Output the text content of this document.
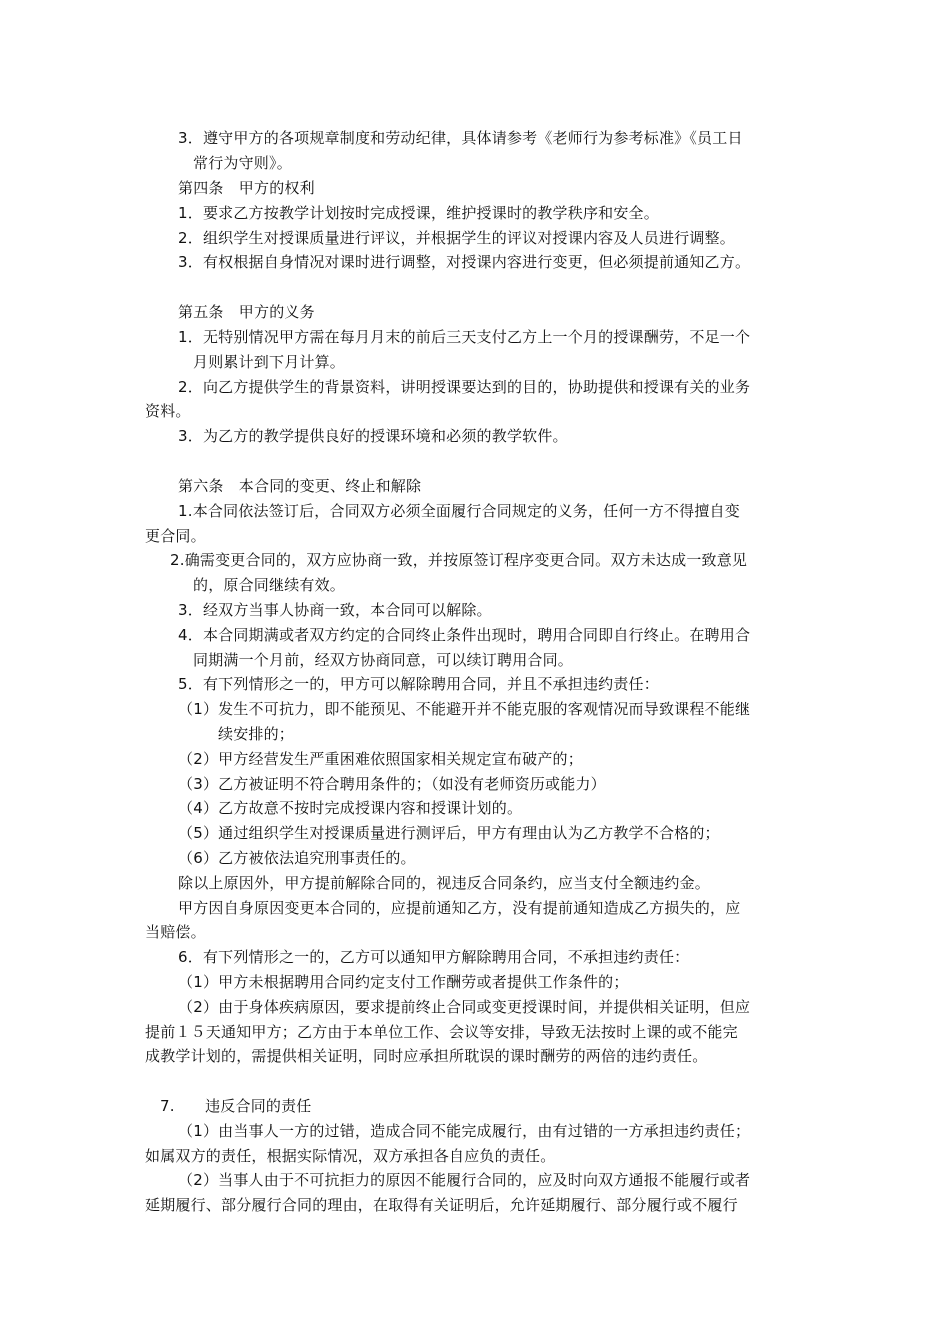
3．遵守甲方的各项规章制度和劳动纪律，具体请参考《老师行为参考标准》《员工日
常行为守则》。
第四条　甲方的权利
1．要求乙方按教学计划按时完成授课，维护授课时的教学秩序和安全。
2．组织学生对授课质量进行评议，并根据学生的评议对授课内容及人员进行调整。
3．有权根据自身情况对课时进行调整，对授课内容进行变更，但必须提前通知乙方。
第五条　甲方的义务
1．无特别情况甲方需在每月月末的前后三天支付乙方上一个月的授课酬劳，不足一个
月则累计到下月计算。
2．向乙方提供学生的背景资料，讲明授课要达到的目的，协助提供和授课有关的业务
资料。
3．为乙方的教学提供良好的授课环境和必须的教学软件。
第六条　本合同的变更、终止和解除
1.本合同依法签订后，合同双方必须全面履行合同规定的义务，任何一方不得擅自变
更合同。
2.确需变更合同的，双方应协商一致，并按原签订程序变更合同。双方未达成一致意见
的，原合同继续有效。
3．经双方当事人协商一致，本合同可以解除。
4．本合同期满或者双方约定的合同终止条件出现时，聘用合同即自行终止。在聘用合
同期满一个月前，经双方协商同意，可以续订聘用合同。
5．有下列情形之一的，甲方可以解除聘用合同，并且不承担违约责任：
（1）发生不可抗力，即不能预见、不能避开并不能克服的客观情况而导致课程不能继
续安排的；
（2）甲方经营发生严重困难依照国家相关规定宣布破产的；
（3）乙方被证明不符合聘用条件的；（如没有老师资历或能力）
（4）乙方故意不按时完成授课内容和授课计划的。
（5）通过组织学生对授课质量进行测评后，甲方有理由认为乙方教学不合格的；
（6）乙方被依法追究刑事责任的。
除以上原因外，甲方提前解除合同的，视违反合同条约，应当支付全额违约金。
甲方因自身原因变更本合同的，应提前通知乙方，没有提前通知造成乙方损失的，应
当赔偿。
6．有下列情形之一的，乙方可以通知甲方解除聘用合同，不承担违约责任：
（1）甲方未根据聘用合同约定支付工作酬劳或者提供工作条件的；
（2）由于身体疾病原因，要求提前终止合同或变更授课时间，并提供相关证明，但应
提前１５天通知甲方；乙方由于本单位工作、会议等安排，导致无法按时上课的或不能完
成教学计划的，需提供相关证明，同时应承担所耽误的课时酬劳的两倍的违约责任。
7.　　违反合同的责任
（1）由当事人一方的过错，造成合同不能完成履行，由有过错的一方承担违约责任；
如属双方的责任，根据实际情况，双方承担各自应负的责任。
（2）当事人由于不可抗拒力的原因不能履行合同的，应及时向双方通报不能履行或者
延期履行、部分履行合同的理由，在取得有关证明后，允许延期履行、部分履行或不履行
